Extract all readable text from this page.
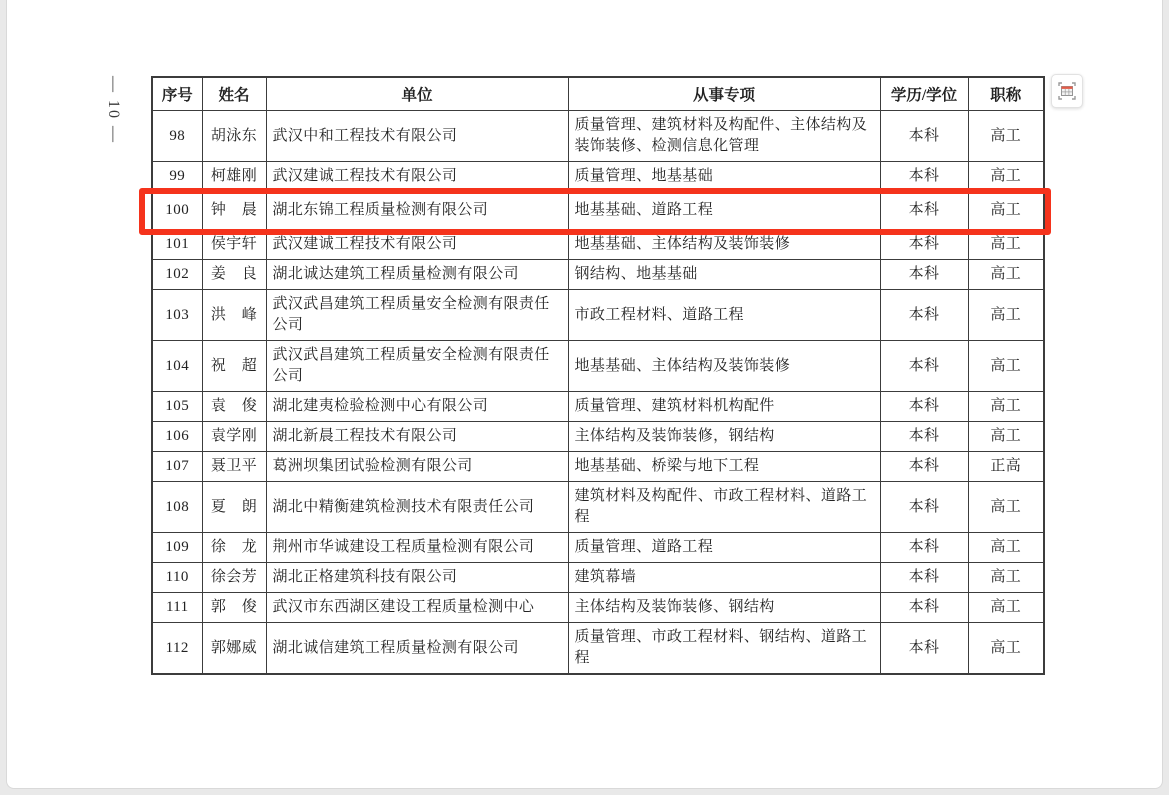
— 10 —	序号	姓名	单位	从事专项	学历/学位	职称
98	胡泳东	武汉中和工程技术有限公司	质量管理、建筑材料及构配件、主体结构及装饰装修、检测信息化管理	本科	高工
99	柯雄刚	武汉建诚工程技术有限公司	质量管理、地基基础	本科	高工
100	钟　晨	湖北东锦工程质量检测有限公司	地基基础、道路工程	本科	高工
101	侯宇轩	武汉建诚工程技术有限公司	地基基础、主体结构及装饰装修	本科	高工
102	姜　良	湖北诚达建筑工程质量检测有限公司	钢结构、地基基础	本科	高工
103	洪　峰	武汉武昌建筑工程质量安全检测有限责任公司	市政工程材料、道路工程	本科	高工
104	祝　超	武汉武昌建筑工程质量安全检测有限责任公司	地基基础、主体结构及装饰装修	本科	高工
105	袁　俊	湖北建夷检验检测中心有限公司	质量管理、建筑材料机构配件	本科	高工
106	袁学刚	湖北新晨工程技术有限公司	主体结构及装饰装修，钢结构	本科	高工
107	聂卫平	葛洲坝集团试验检测有限公司	地基基础、桥梁与地下工程	本科	正高
108	夏　朗	湖北中精衡建筑检测技术有限责任公司	建筑材料及构配件、市政工程材料、道路工程	本科	高工
109	徐　龙	荆州市华诚建设工程质量检测有限公司	质量管理、道路工程	本科	高工
110	徐会芳	湖北正格建筑科技有限公司	建筑幕墙	本科	高工
111	郭　俊	武汉市东西湖区建设工程质量检测中心	主体结构及装饰装修、钢结构	本科	高工
112	郭娜威	湖北诚信建筑工程质量检测有限公司	质量管理、市政工程材料、钢结构、道路工程	本科	高工
